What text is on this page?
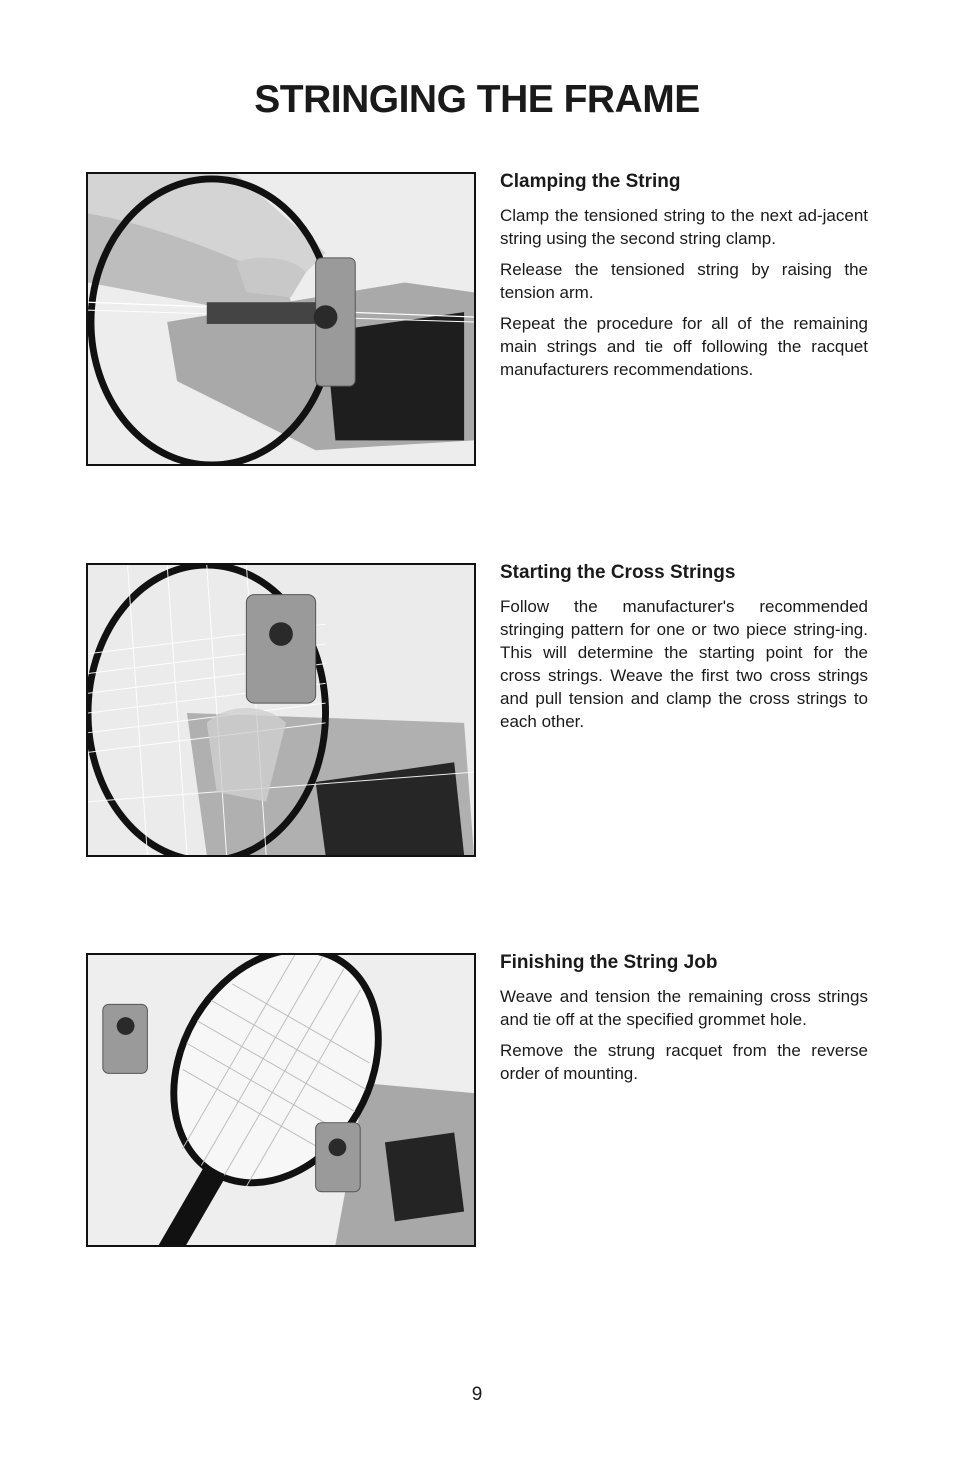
STRINGING THE FRAME
Clamping the String

Clamp the tensioned string to the next ad-jacent string using the second string clamp.

Release the tensioned string by raising the tension arm.

Repeat the procedure for all of the remaining main strings and tie off following the racquet manufacturers recommendations.

Starting the Cross Strings

Follow the manufacturer's recommended stringing pattern for one or two piece string-ing. This will determine the starting point for the cross strings. Weave the first two cross strings and pull tension and clamp the cross strings to each other.

Finishing the String Job

Weave and tension the remaining cross strings and tie off at the specified grommet hole.

Remove the strung racquet from the reverse order of mounting.

9
